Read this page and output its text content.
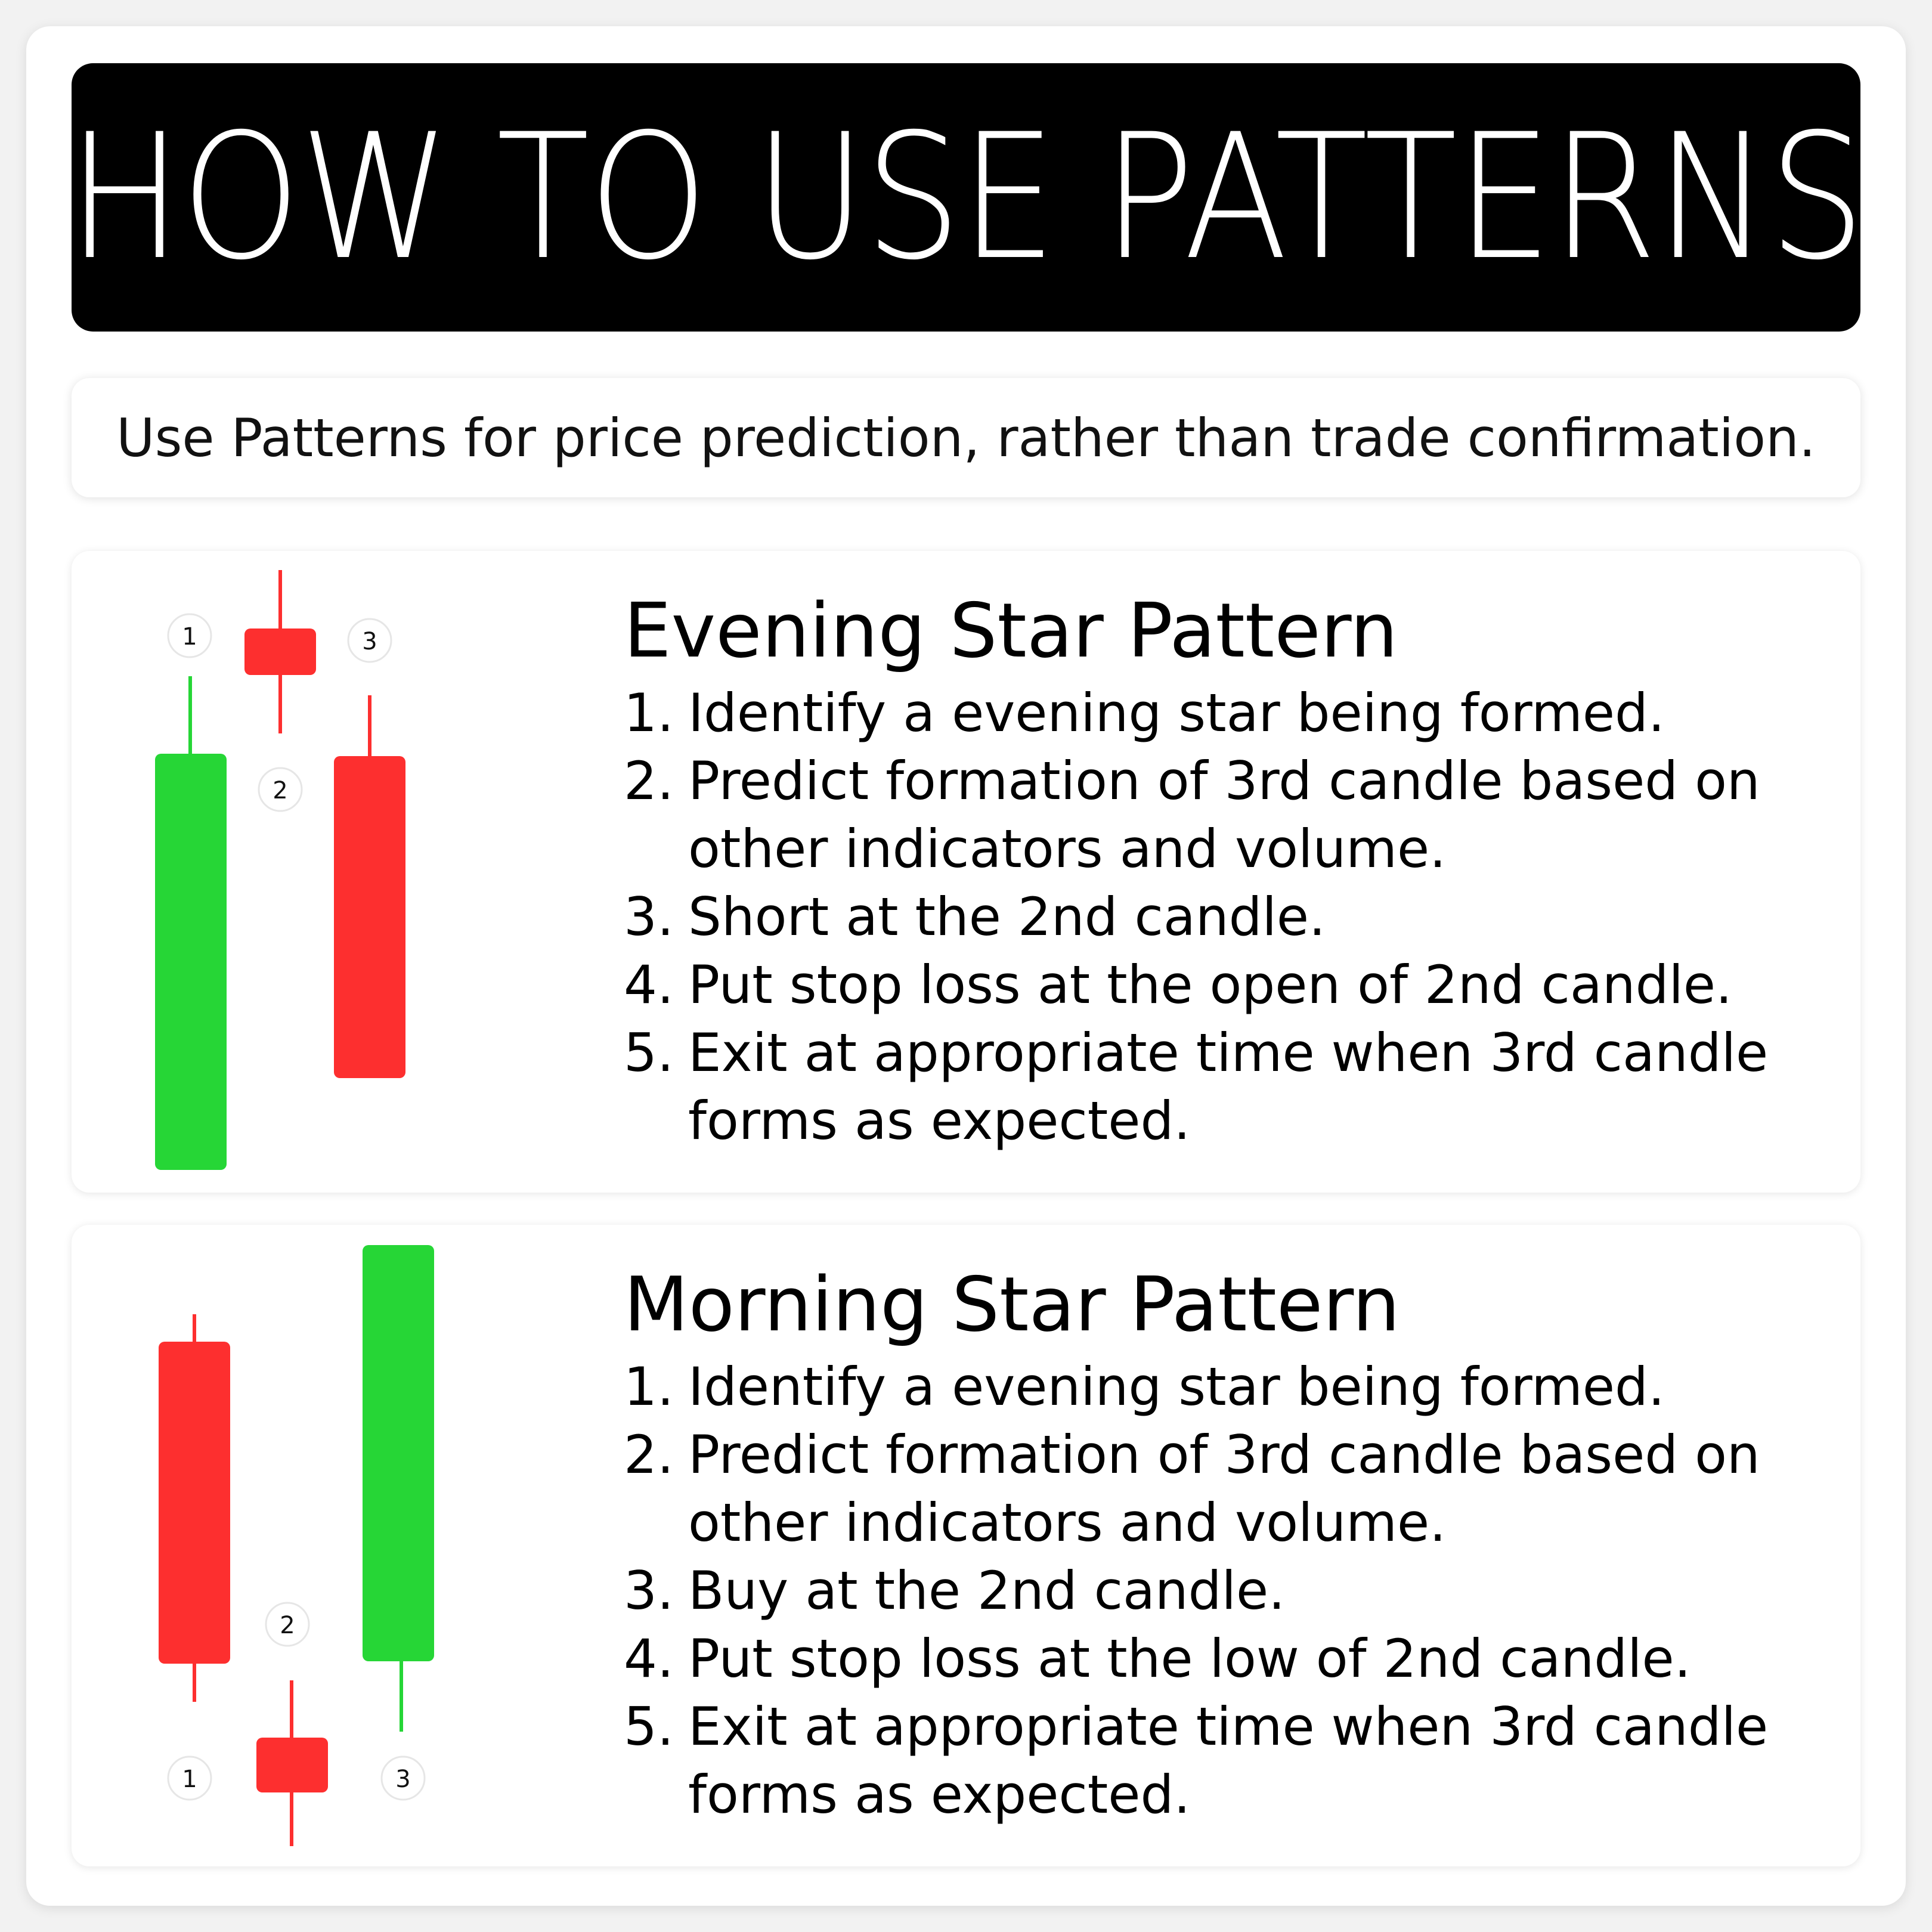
HOW TO USE PATTERNS
Use Patterns for price prediction, rather than trade confirmation.
1
2
3	Evening Star Pattern
1. Identify a evening star being formed.
2. Predict formation of 3rd candle based on other indicators and volume.
3. Short at the 2nd candle.
4. Put stop loss at the open of 2nd candle.
5. Exit at appropriate time when 3rd candle forms as expected.
1
2
3
Morning Star Pattern
1. Identify a evening star being formed.
2. Predict formation of 3rd candle based on other indicators and volume.
3. Buy at the 2nd candle.
4. Put stop loss at the low of 2nd candle.
5. Exit at appropriate time when 3rd candle forms as expected.
